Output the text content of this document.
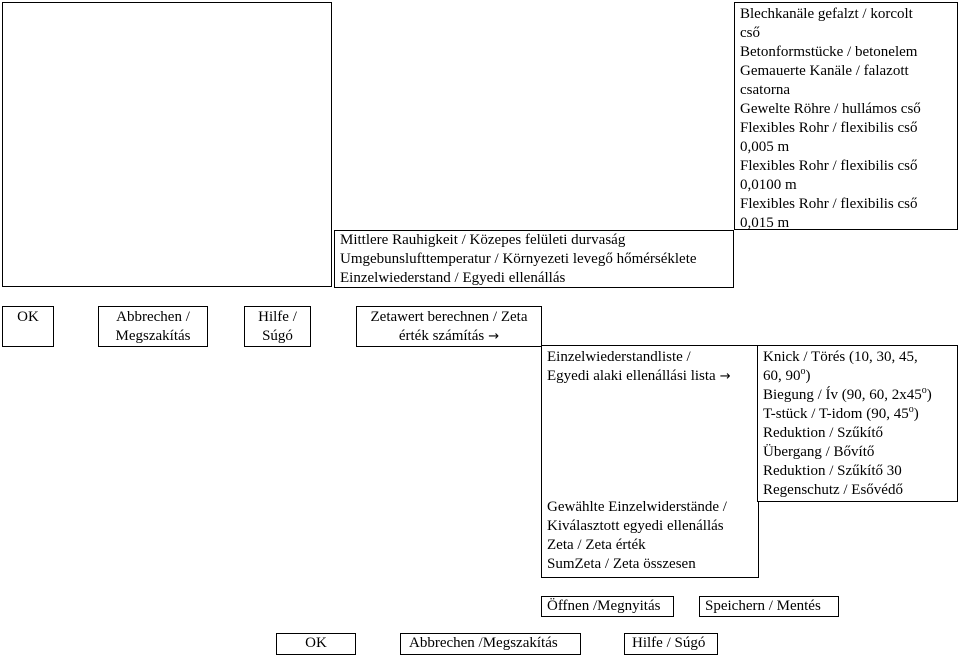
Blechkanäle gefalzt / korcolt
cső
Betonformstücke / betonelem
Gemauerte Kanäle / falazott
csatorna
Gewelte Röhre / hullámos cső
Flexibles Rohr / flexibilis cső
0,005 m
Flexibles Rohr / flexibilis cső
0,0100 m
Flexibles Rohr / flexibilis cső
0,015 m
Mittlere Rauhigkeit / Közepes felületi durvaság
Umgebunslufttemperatur / Környezeti levegő hőmérséklete
Einzelwiederstand / Egyedi ellenállás
OK	Abbrechen /
Megszakítás
Hilfe /
Súgó
Zetawert berechnen / Zeta
érték számítás →
Einzelwiederstandliste /
Egyedi alaki ellenállási lista →
Gewählte Einzelwiderstände /
Kiválasztott egyedi ellenállás
Zeta / Zeta érték
SumZeta / Zeta összesen
Knick / Törés (10, 30, 45,
60, 90$^o$)
Biegung / Ív (90, 60, 2x45$^o$)
T-stück / T-idom (90, 45$^o$)
Reduktion / Szűkítő
Übergang / Bővítő
Reduktion / Szűkítő 30
Regenschutz / Esővédő
Öffnen /Megnyitás	Speichern / Mentés
OK	Abbrechen /Megszakítás	Hilfe / Súgó
